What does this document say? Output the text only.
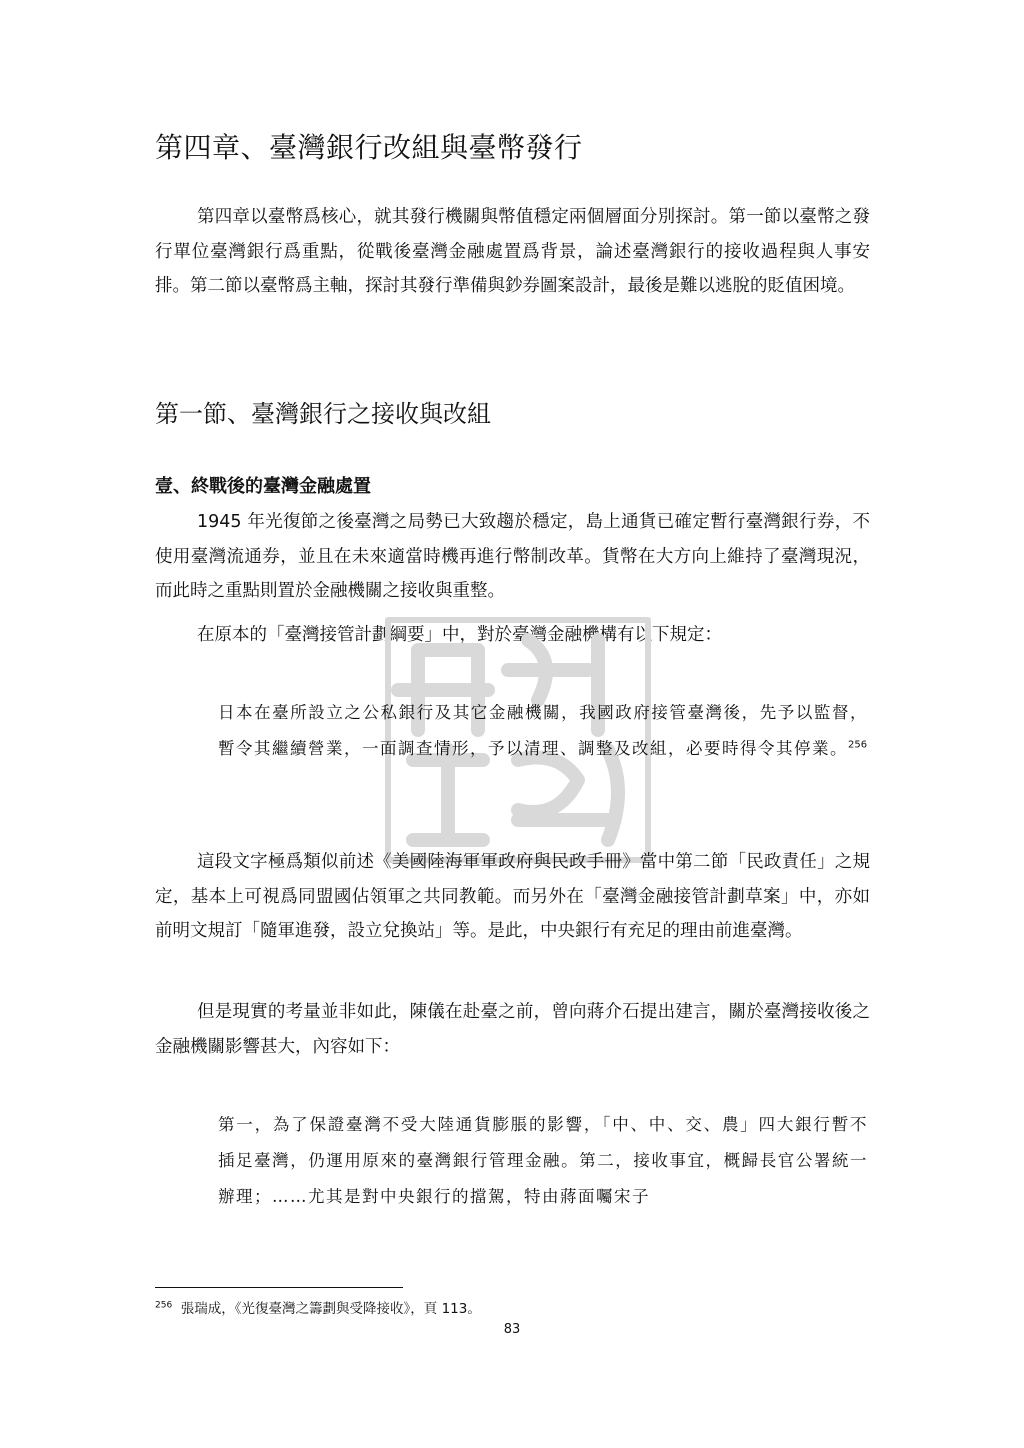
第四章、臺灣銀行改組與臺幣發行
第四章以臺幣爲核心，就其發行機關與幣值穩定兩個層面分別探討。第一節以臺幣之發行單位臺灣銀行爲重點，從戰後臺灣金融處置爲背景，論述臺灣銀行的接收過程與人事安排。第二節以臺幣爲主軸，探討其發行準備與鈔券圖案設計，最後是難以逃脫的貶值困境。
第一節、臺灣銀行之接收與改組
壹、終戰後的臺灣金融處置
1945 年光復節之後臺灣之局勢已大致趨於穩定，島上通貨已確定暫行臺灣銀行券，不使用臺灣流通券，並且在未來適當時機再進行幣制改革。貨幣在大方向上維持了臺灣現況，而此時之重點則置於金融機關之接收與重整。
在原本的「臺灣接管計劃綱要」中，對於臺灣金融機構有以下規定：
日本在臺所設立之公私銀行及其它金融機關，我國政府接管臺灣後，先予以監督，暫令其繼續營業，一面調查情形，予以清理、調整及改組，必要時得令其停業。$^{256}$
這段文字極爲類似前述《美國陸海軍軍政府與民政手冊》當中第二節「民政責任」之規定，基本上可視爲同盟國佔領軍之共同教範。而另外在「臺灣金融接管計劃草案」中，亦如前明文規訂「隨軍進發，設立兌換站」等。是此，中央銀行有充足的理由前進臺灣。
但是現實的考量並非如此，陳儀在赴臺之前，曾向蔣介石提出建言，關於臺灣接收後之金融機關影響甚大，內容如下：
第一，為了保證臺灣不受大陸通貨膨脹的影響，「中、中、交、農」四大銀行暫不插足臺灣，仍運用原來的臺灣銀行管理金融。第二，接收事宜，概歸長官公署統一辦理；……尤其是對中央銀行的擋駕，特由蔣面囑宋子
$^{256}$ 張瑞成，《光復臺灣之籌劃與受降接收》，頁 113。
83
